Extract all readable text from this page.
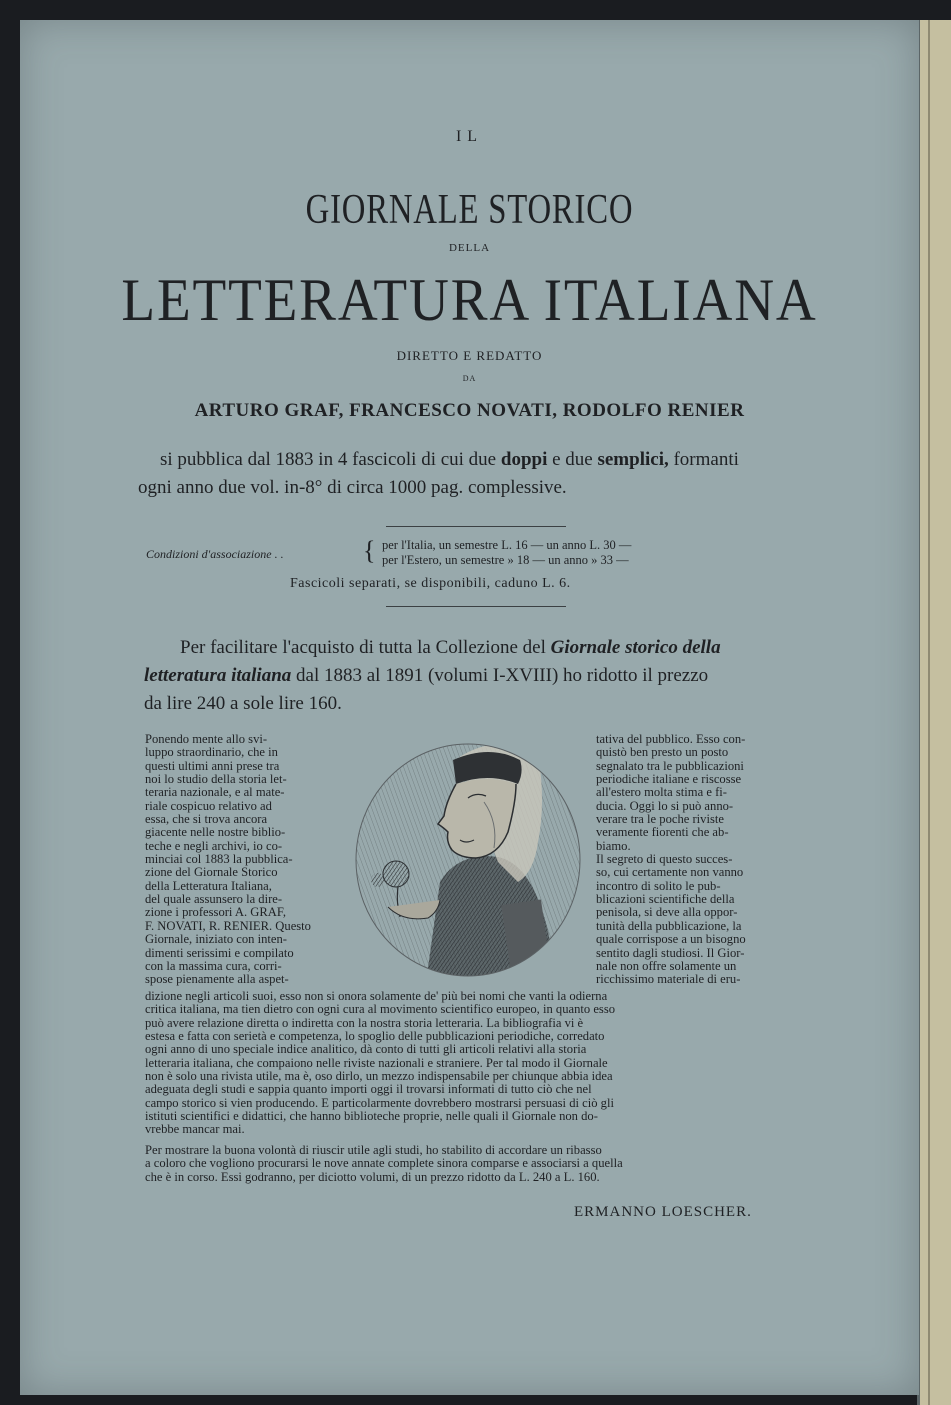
IL
GIORNALE STORICO
DELLA
LETTERATURA ITALIANA
DIRETTO E REDATTO
DA
ARTURO GRAF, FRANCESCO NOVATI, RODOLFO RENIER
si pubblica dal 1883 in 4 fascicoli di cui due doppi e due semplici, formanti
ogni anno due vol. in-8° di circa 1000 pag. complessive.
Condizioni d'associazione . .	{ per l'Italia, un semestre L. 16 — un anno L. 30 —
per l'Estero, un semestre » 18 — un anno » 33 —
Fascicoli separati, se disponibili, caduno L. 6.
Per facilitare l'acquisto di tutta la Collezione del Giornale storico della
letteratura italiana dal 1883 al 1891 (volumi I-XVIII) ho ridotto il prezzo
da lire 240 a sole lire 160.
Ponendo mente allo svi-
luppo straordinario, che in
questi ultimi anni prese tra
noi lo studio della storia let-
teraria nazionale, e al mate-
riale cospicuo relativo ad
essa, che si trova ancora
giacente nelle nostre biblio-
teche e negli archivi, io co-
minciai col 1883 la pubblica-
zione del Giornale Storico
della Letteratura Italiana,
del quale assunsero la dire-
zione i professori A. GRAF,
F. NOVATI, R. RENIER. Questo
Giornale, iniziato con inten-
dimenti serissimi e compilato
con la massima cura, corri-
spose pienamente alla aspet-
tativa del pubblico. Esso con-
quistò ben presto un posto
segnalato tra le pubblicazioni
periodiche italiane e riscosse
all'estero molta stima e fi-
ducia. Oggi lo si può anno-
verare tra le poche riviste
veramente fiorenti che ab-
biamo.
Il segreto di questo succes-
so, cui certamente non vanno
incontro di solito le pub-
blicazioni scientifiche della
penisola, si deve alla oppor-
tunità della pubblicazione, la
quale corrispose a un bisogno
sentito dagli studiosi. Il Gior-
nale non offre solamente un
ricchissimo materiale di eru-
dizione negli articoli suoi, esso non si onora solamente de' più bei nomi che vanti la odierna
critica italiana, ma tien dietro con ogni cura al movimento scientifico europeo, in quanto esso
può avere relazione diretta o indiretta con la nostra storia letteraria. La bibliografia vi è
estesa e fatta con serietà e competenza, lo spoglio delle pubblicazioni periodiche, corredato
ogni anno di uno speciale indice analitico, dà conto di tutti gli articoli relativi alla storia
letteraria italiana, che compaiono nelle riviste nazionali e straniere. Per tal modo il Giornale
non è solo una rivista utile, ma è, oso dirlo, un mezzo indispensabile per chiunque abbia idea
adeguata degli studi e sappia quanto importi oggi il trovarsi informati di tutto ciò che nel
campo storico si vien producendo. E particolarmente dovrebbero mostrarsi persuasi di ciò gli
istituti scientifici e didattici, che hanno biblioteche proprie, nelle quali il Giornale non do-
vrebbe mancar mai.
Per mostrare la buona volontà di riuscir utile agli studi, ho stabilito di accordare un ribasso
a coloro che vogliono procurarsi le nove annate complete sinora comparse e associarsi a quella
che è in corso. Essi godranno, per diciotto volumi, di un prezzo ridotto da L. 240 a L. 160.
ERMANNO LOESCHER.
